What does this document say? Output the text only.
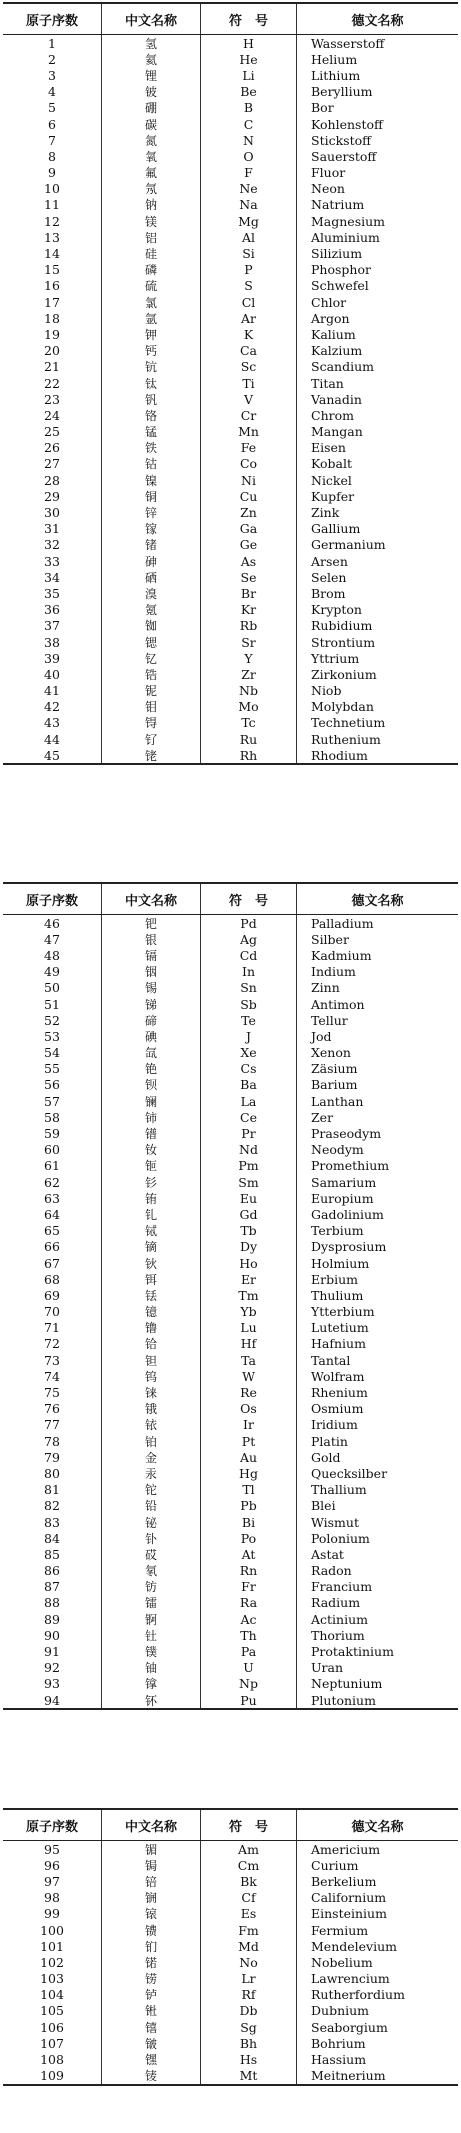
原子序数	中文名称	符　号	德文名称
1	氢	H	Wasserstoff
2	氦	He	Helium
3	锂	Li	Lithium
4	铍	Be	Beryllium
5	硼	B	Bor
6	碳	C	Kohlenstoff
7	氮	N	Stickstoff
8	氧	O	Sauerstoff
9	氟	F	Fluor
10	氖	Ne	Neon
11	钠	Na	Natrium
12	镁	Mg	Magnesium
13	铝	Al	Aluminium
14	硅	Si	Silizium
15	磷	P	Phosphor
16	硫	S	Schwefel
17	氯	Cl	Chlor
18	氩	Ar	Argon
19	钾	K	Kalium
20	钙	Ca	Kalzium
21	钪	Sc	Scandium
22	钛	Ti	Titan
23	钒	V	Vanadin
24	铬	Cr	Chrom
25	锰	Mn	Mangan
26	铁	Fe	Eisen
27	钴	Co	Kobalt
28	镍	Ni	Nickel
29	铜	Cu	Kupfer
30	锌	Zn	Zink
31	镓	Ga	Gallium
32	锗	Ge	Germanium
33	砷	As	Arsen
34	硒	Se	Selen
35	溴	Br	Brom
36	氪	Kr	Krypton
37	铷	Rb	Rubidium
38	锶	Sr	Strontium
39	钇	Y	Yttrium
40	锆	Zr	Zirkonium
41	铌	Nb	Niob
42	钼	Mo	Molybdan
43	锝	Tc	Technetium
44	钌	Ru	Ruthenium
45	铑	Rh	Rhodium
原子序数	中文名称	符　号	德文名称
46	钯	Pd	Palladium
47	银	Ag	Silber
48	镉	Cd	Kadmium
49	铟	In	Indium
50	锡	Sn	Zinn
51	锑	Sb	Antimon
52	碲	Te	Tellur
53	碘	J	Jod
54	氙	Xe	Xenon
55	铯	Cs	Zäsium
56	钡	Ba	Barium
57	镧	La	Lanthan
58	铈	Ce	Zer
59	镨	Pr	Praseodym
60	钕	Nd	Neodym
61	钷	Pm	Promethium
62	钐	Sm	Samarium
63	铕	Eu	Europium
64	钆	Gd	Gadolinium
65	铽	Tb	Terbium
66	镝	Dy	Dysprosium
67	钬	Ho	Holmium
68	铒	Er	Erbium
69	铥	Tm	Thulium
70	镱	Yb	Ytterbium
71	镥	Lu	Lutetium
72	铪	Hf	Hafnium
73	钽	Ta	Tantal
74	钨	W	Wolfram
75	铼	Re	Rhenium
76	锇	Os	Osmium
77	铱	Ir	Iridium
78	铂	Pt	Platin
79	金	Au	Gold
80	汞	Hg	Quecksilber
81	铊	Tl	Thallium
82	铅	Pb	Blei
83	铋	Bi	Wismut
84	钋	Po	Polonium
85	砹	At	Astat
86	氡	Rn	Radon
87	钫	Fr	Francium
88	镭	Ra	Radium
89	锕	Ac	Actinium
90	钍	Th	Thorium
91	镤	Pa	Protaktinium
92	铀	U	Uran
93	镎	Np	Neptunium
94	钚	Pu	Plutonium
原子序数	中文名称	符　号	德文名称
95	镅	Am	Americium
96	锔	Cm	Curium
97	锫	Bk	Berkelium
98	锎	Cf	Californium
99	锿	Es	Einsteinium
100	镄	Fm	Fermium
101	钔	Md	Mendelevium
102	锘	No	Nobelium
103	铹	Lr	Lawrencium
104	𬬻	Rf	Rutherfordium
105	𬭊	Db	Dubnium
106	𬭳	Sg	Seaborgium
107	𬭛	Bh	Bohrium
108	𬭶	Hs	Hassium
109	鿏	Mt	Meitnerium
